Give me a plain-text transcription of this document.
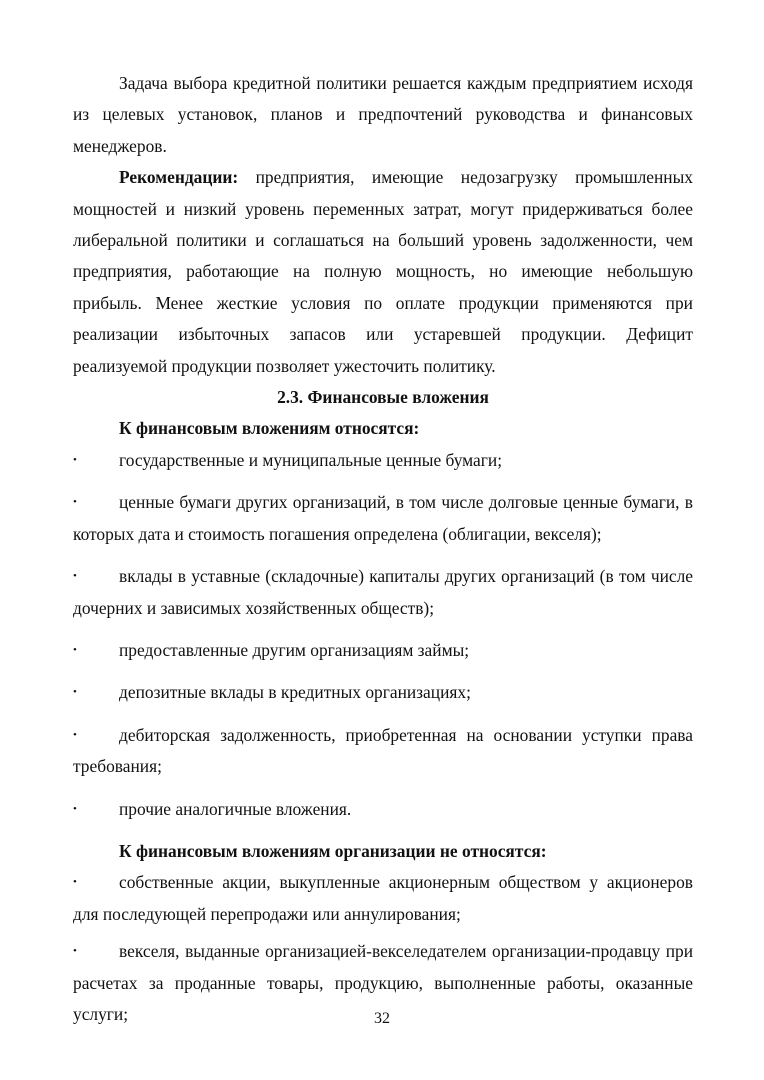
Задача выбора кредитной политики решается каждым предприятием исходя из целевых установок, планов и предпочтений руководства и финансовых менеджеров.

Рекомендации: предприятия, имеющие недозагрузку промышленных мощностей и низкий уровень переменных затрат, могут придерживаться более либеральной политики и соглашаться на больший уровень задолженности, чем предприятия, работающие на полную мощность, но имеющие небольшую прибыль. Менее жесткие условия по оплате продукции применяются при реализации избыточных запасов или устаревшей продукции. Дефицит реализуемой продукции позволяет ужесточить политику.

2.3. Финансовые вложения

К финансовым вложениям относятся:

• государственные и муниципальные ценные бумаги;

• ценные бумаги других организаций, в том числе долговые ценные бумаги, в которых дата и стоимость погашения определена (облигации, векселя);

• вклады в уставные (складочные) капиталы других организаций (в том числе дочерних и зависимых хозяйственных обществ);

• предоставленные другим организациям займы;

• депозитные вклады в кредитных организациях;

• дебиторская задолженность, приобретенная на основании уступки права требования;

• прочие аналогичные вложения.

К финансовым вложениям организации не относятся:

• собственные акции, выкупленные акционерным обществом у акционеров для последующей перепродажи или аннулирования;

• векселя, выданные организацией-векселедателем организации-продавцу при расчетах за проданные товары, продукцию, выполненные работы, оказанные услуги;	32
